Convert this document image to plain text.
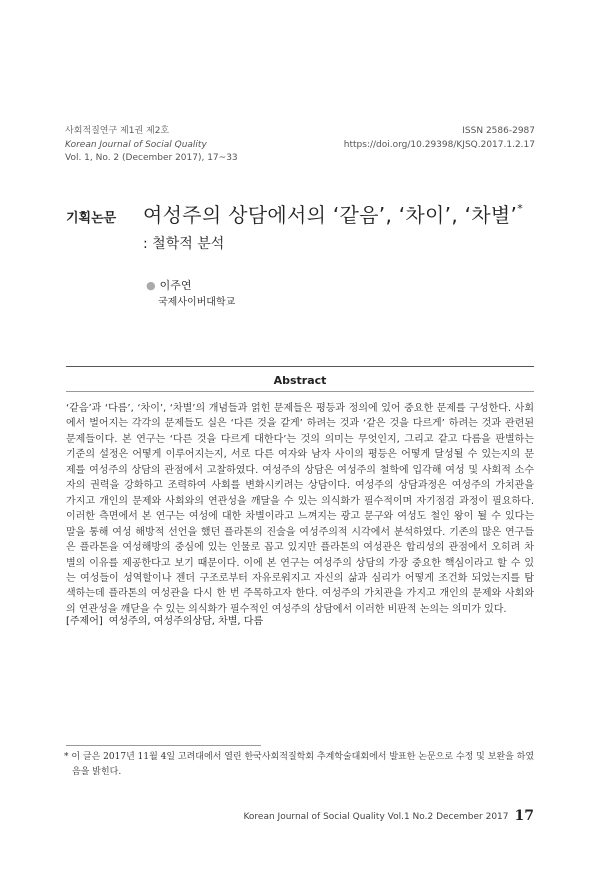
사회적질연구 제1권 제2호
Korean Journal of Social Quality
Vol. 1, No. 2 (December 2017), 17~33
ISSN 2586-2987
https://doi.org/10.29398/KJSQ.2017.1.2.17
기획논문 여성주의 상담에서의 ‘같음’, ‘차이’, ‘차별’*
: 철학적 분석
● 이주연
국제사이버대학교
Abstract
‘같음’과 ‘다름’, ‘차이’, ‘차별’의 개념들과 얽힌 문제들은 평등과 정의에 있어 중요한 문제를 구성한다. 사회
에서 벌어지는 각각의 문제들도 실은 ‘다른 것을 같게’ 하려는 것과 ‘같은 것을 다르게’ 하려는 것과 관련된
문제들이다. 본 연구는 ‘다른 것을 다르게 대한다’는 것의 의미는 무엇인지, 그리고 같고 다름을 판별하는
기준의 설정은 어떻게 이루어지는지, 서로 다른 여자와 남자 사이의 평등은 어떻게 달성될 수 있는지의 문
제를 여성주의 상담의 관점에서 고찰하였다. 여성주의 상담은 여성주의 철학에 입각해 여성 및 사회적 소수
자의 권력을 강화하고 조력하여 사회를 변화시키려는 상담이다. 여성주의 상담과정은 여성주의 가치관을
가지고 개인의 문제와 사회와의 연관성을 깨달을 수 있는 의식화가 필수적이며 자기점검 과정이 필요하다.
이러한 측면에서 본 연구는 여성에 대한 차별이라고 느껴지는 광고 문구와 여성도 철인 왕이 될 수 있다는
말을 통해 여성 해방적 선언을 했던 플라톤의 진술을 여성주의적 시각에서 분석하였다. 기존의 많은 연구들
은 플라톤을 여성해방의 중심에 있는 인물로 꼽고 있지만 플라톤의 여성관은 합리성의 관점에서 오히려 차
별의 이유를 제공한다고 보기 때문이다. 이에 본 연구는 여성주의 상담의 가장 중요한 핵심이라고 할 수 있
는 여성들이 성역할이나 젠더 구조로부터 자유로워지고 자신의 삶과 심리가 어떻게 조건화 되었는지를 탐
색하는데 플라톤의 여성관을 다시 한 번 주목하고자 한다. 여성주의 가치관을 가지고 개인의 문제와 사회와
의 연관성을 깨닫을 수 있는 의식화가 필수적인 여성주의 상담에서 이러한 비판적 논의는 의미가 있다.
[주제어] 여성주의, 여성주의상담, 차별, 다름
* 이 글은 2017년 11월 4일 고려대에서 열린 한국사회적질학회 추계학술대회에서 발표한 논문으로 수정 및 보완을 하였
음을 밝힌다.
Korean Journal of Social Quality Vol.1 No.2 December 2017 17
